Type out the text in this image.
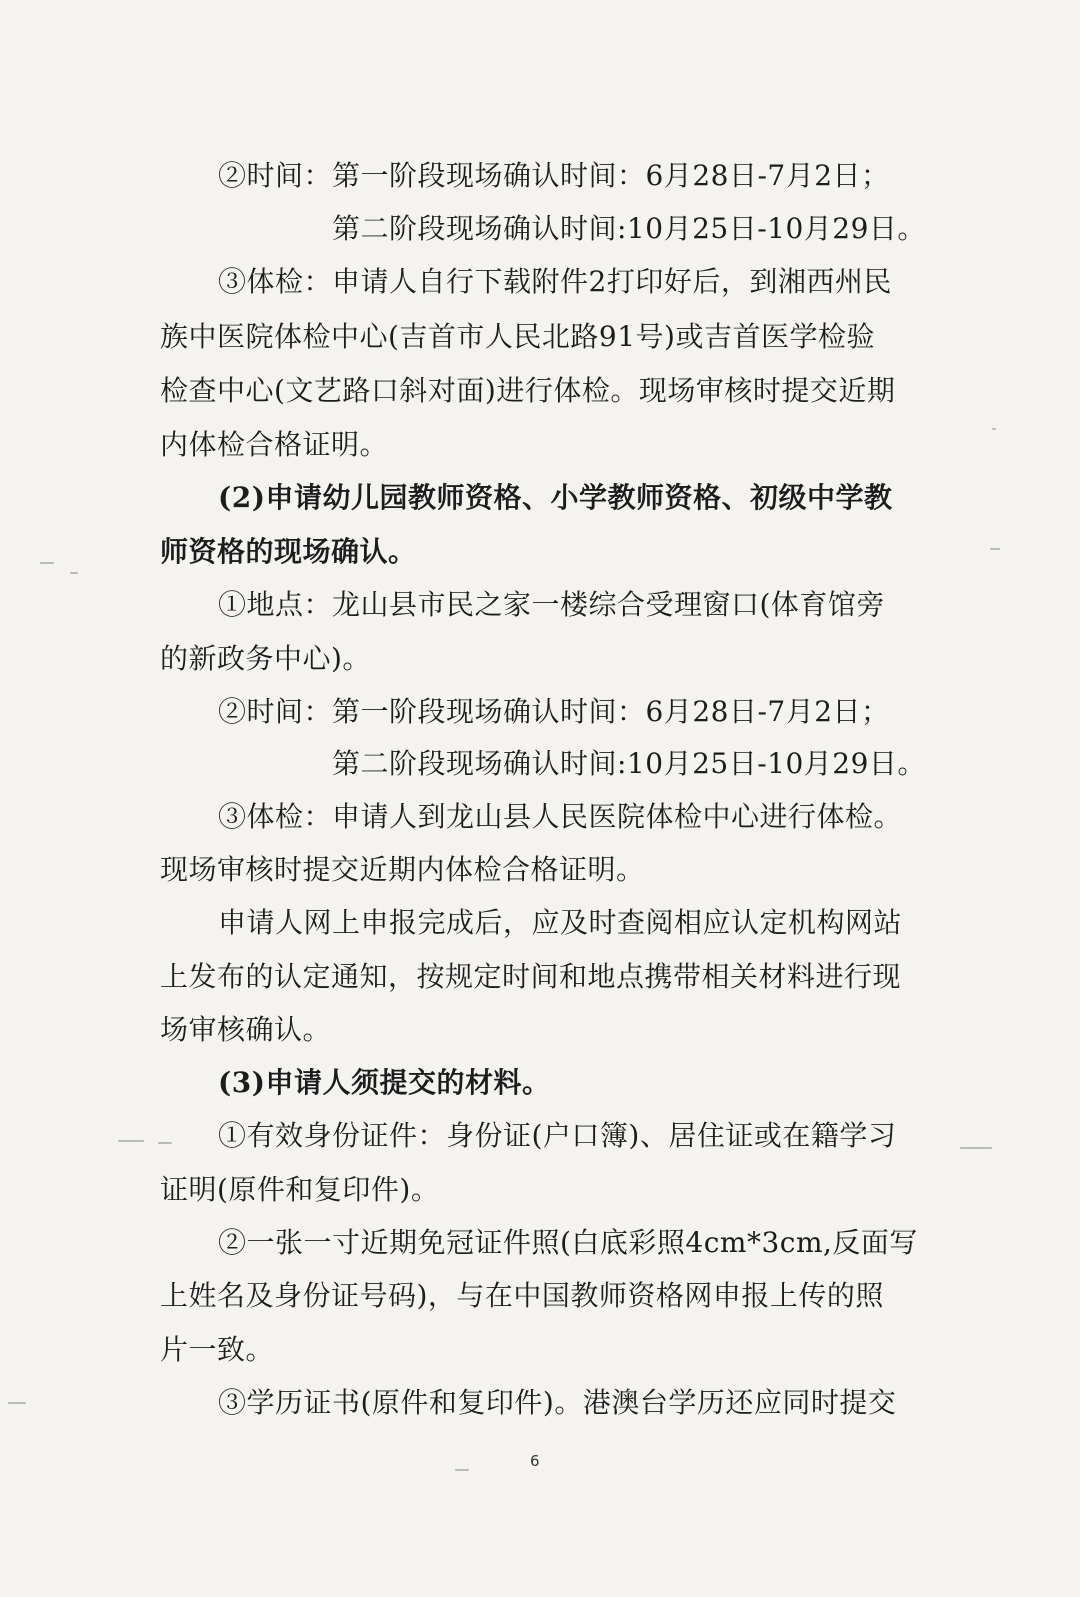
②时间：第一阶段现场确认时间：6月28日-7月2日；
第二阶段现场确认时间:10月25日-10月29日。
③体检：申请人自行下载附件2打印好后，到湘西州民
族中医院体检中心(吉首市人民北路91号)或吉首医学检验
检查中心(文艺路口斜对面)进行体检。现场审核时提交近期
内体检合格证明。
(2)申请幼儿园教师资格、小学教师资格、初级中学教
师资格的现场确认。
①地点：龙山县市民之家一楼综合受理窗口(体育馆旁
的新政务中心)。
②时间：第一阶段现场确认时间：6月28日-7月2日；
第二阶段现场确认时间:10月25日-10月29日。
③体检：申请人到龙山县人民医院体检中心进行体检。
现场审核时提交近期内体检合格证明。
申请人网上申报完成后，应及时查阅相应认定机构网站
上发布的认定通知，按规定时间和地点携带相关材料进行现
场审核确认。
(3)申请人须提交的材料。
①有效身份证件：身份证(户口簿)、居住证或在籍学习
证明(原件和复印件)。
②一张一寸近期免冠证件照(白底彩照4cm*3cm,反面写
上姓名及身份证号码)，与在中国教师资格网申报上传的照
片一致。
③学历证书(原件和复印件)。港澳台学历还应同时提交
6
